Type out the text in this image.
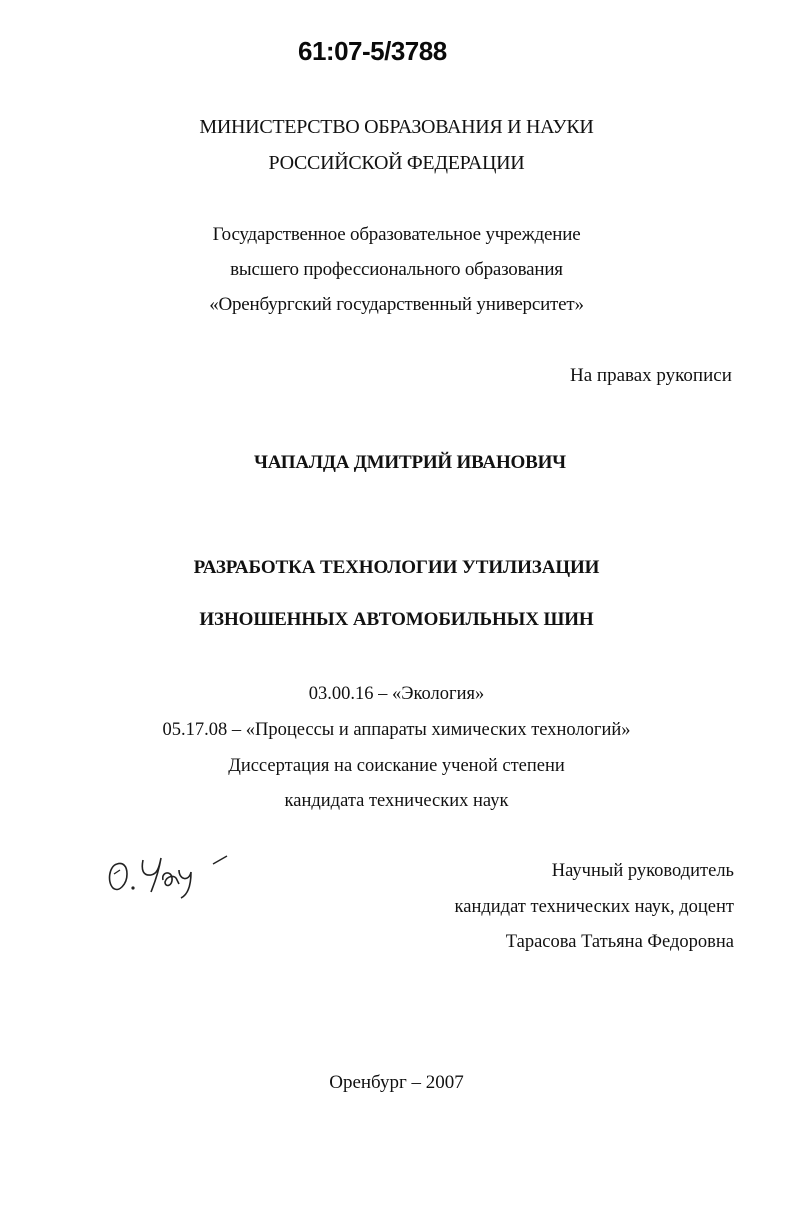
61:07-5/3788
МИНИСТЕРСТВО ОБРАЗОВАНИЯ И НАУКИ
РОССИЙСКОЙ ФЕДЕРАЦИИ
Государственное образовательное учреждение
высшего профессионального образования
«Оренбургский государственный университет»
На правах рукописи
ЧАПАЛДА ДМИТРИЙ ИВАНОВИЧ
РАЗРАБОТКА ТЕХНОЛОГИИ УТИЛИЗАЦИИ
ИЗНОШЕННЫХ АВТОМОБИЛЬНЫХ ШИН
03.00.16 – «Экология»
05.17.08 – «Процессы и аппараты химических технологий»
Диссертация на соискание ученой степени
кандидата технических наук
Научный руководитель
кандидат технических наук, доцент
Тарасова Татьяна Федоровна
Оренбург – 2007
